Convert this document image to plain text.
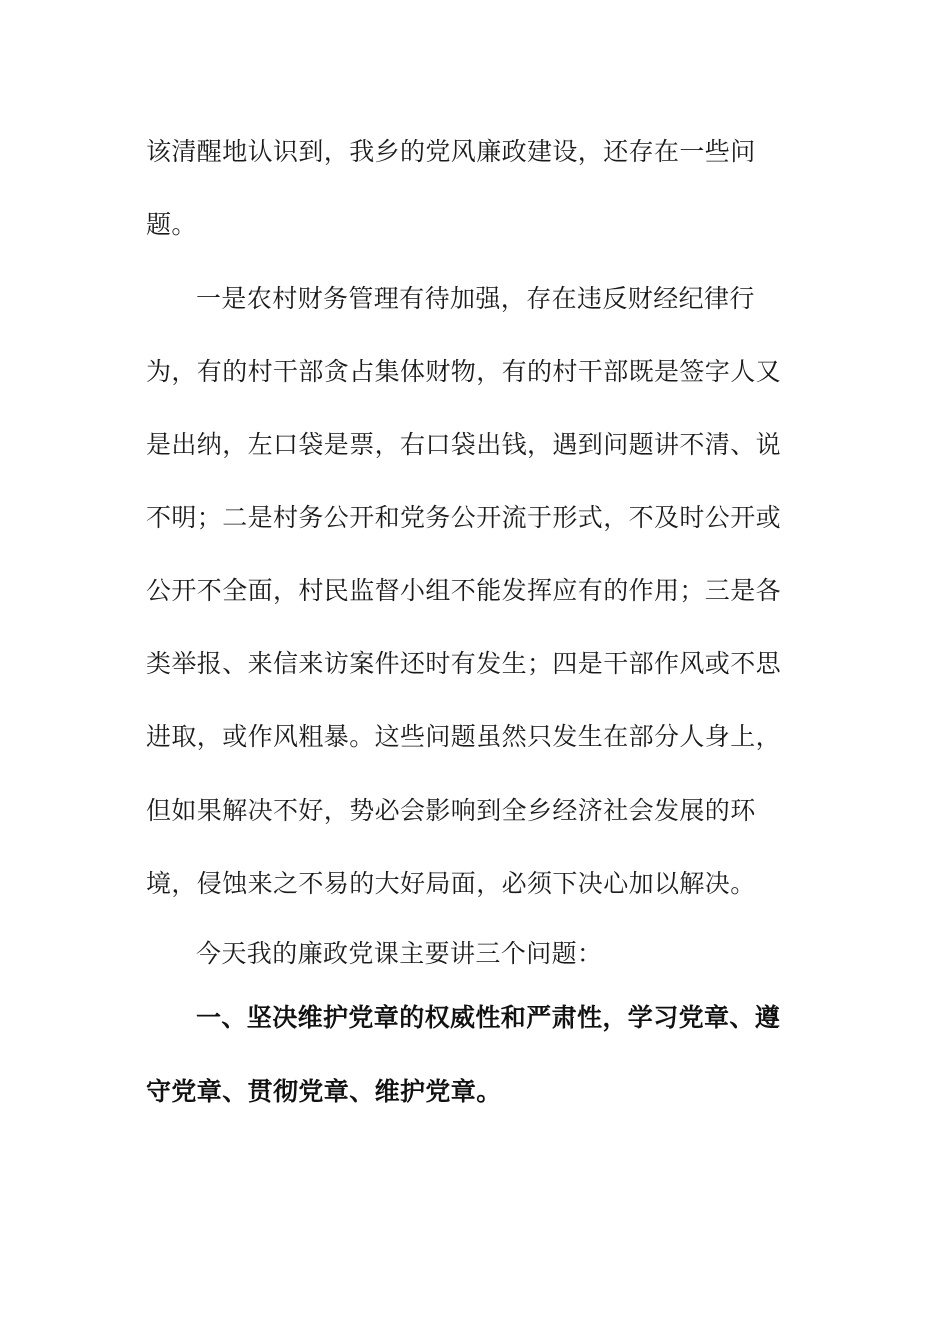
该清醒地认识到，我乡的党风廉政建设，还存在一些问
题。
一是农村财务管理有待加强，存在违反财经纪律行
为，有的村干部贪占集体财物，有的村干部既是签字人又
是出纳，左口袋是票，右口袋出钱，遇到问题讲不清、说
不明；二是村务公开和党务公开流于形式，不及时公开或
公开不全面，村民监督小组不能发挥应有的作用；三是各
类举报、来信来访案件还时有发生；四是干部作风或不思
进取，或作风粗暴。这些问题虽然只发生在部分人身上，
但如果解决不好，势必会影响到全乡经济社会发展的环
境，侵蚀来之不易的大好局面，必须下决心加以解决。
今天我的廉政党课主要讲三个问题：
一、坚决维护党章的权威性和严肃性，学习党章、遵
守党章、贯彻党章、维护党章。
